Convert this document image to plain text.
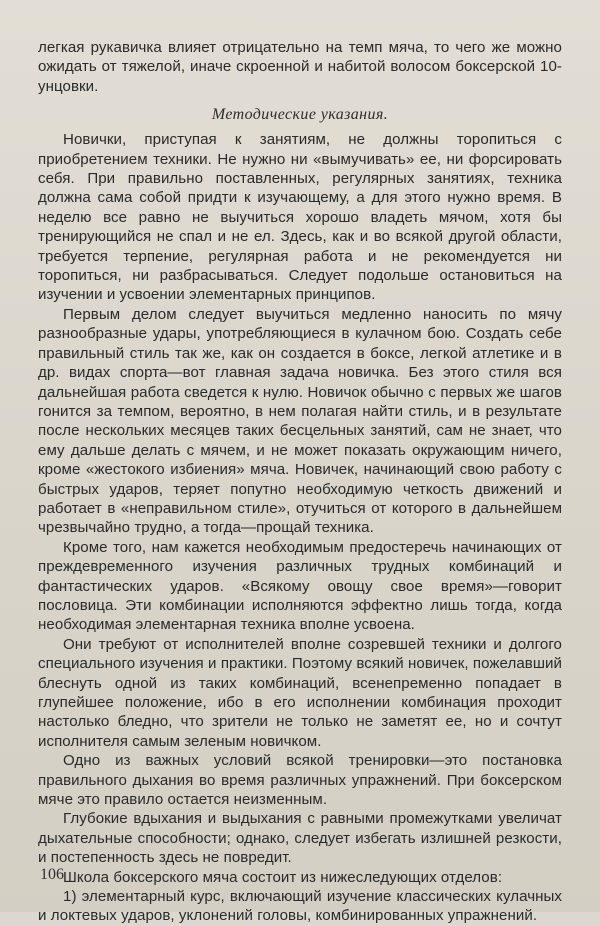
легкая рукавичка влияет отрицательно на темп мяча, то чего же можно ожидать от тяжелой, иначе скроенной и набитой волосом боксерской 10-унцовки.

Методические указания.

Новички, приступая к занятиям, не должны торопиться с приобретением техники. Не нужно ни «вымучивать» ее, ни форсировать себя. При правильно поставленных, регулярных занятиях, техника должна сама собой придти к изучающему, а для этого нужно время. В неделю все равно не выучиться хорошо владеть мячом, хотя бы тренирующийся не спал и не ел. Здесь, как и во всякой другой области, требуется терпение, регулярная работа и не рекомендуется ни торопиться, ни разбрасываться. Следует подольше остановиться на изучении и усвоении элементарных принципов.

Первым делом следует выучиться медленно наносить по мячу разнообразные удары, употребляющиеся в кулачном бою. Создать себе правильный стиль так же, как он создается в боксе, легкой атлетике и в др. видах спорта—вот главная задача новичка. Без этого стиля вся дальнейшая работа сведется к нулю. Новичок обычно с первых же шагов гонится за темпом, вероятно, в нем полагая найти стиль, и в результате после нескольких месяцев таких бесцельных занятий, сам не знает, что ему дальше делать с мячем, и не может показать окружающим ничего, кроме «жестокого избиения» мяча. Новичек, начинающий свою работу с быстрых ударов, теряет попутно необходимую четкость движений и работает в «неправильном стиле», отучиться от которого в дальнейшем чрезвычайно трудно, а тогда—прощай техника.

Кроме того, нам кажется необходимым предостеречь начинающих от преждевременного изучения различных трудных комбинаций и фантастических ударов. «Всякому овощу свое время»—говорит пословица. Эти комбинации исполняются эффектно лишь тогда, когда необходимая элементарная техника вполне усвоена.

Они требуют от исполнителей вполне созревшей техники и долгого специального изучения и практики. Поэтому всякий новичек, пожелавший блеснуть одной из таких комбинаций, всенепременно попадает в глупейшее положение, ибо в его исполнении комбинация проходит настолько бледно, что зрители не только не заметят ее, но и сочтут исполнителя самым зеленым новичком.

Одно из важных условий всякой тренировки—это постановка правильного дыхания во время различных упражнений. При боксерском мяче это правило остается неизменным.

Глубокие вдыхания и выдыхания с равными промежутками увеличат дыхательные способности; однако, следует избегать излишней резкости, и постепенность здесь не повредит.

Школа боксерского мяча состоит из нижеследующих отделов:

1) элементарный курс, включающий изучение классических кулачных и локтевых ударов, уклонений головы, комбинированных упражнений.

106
